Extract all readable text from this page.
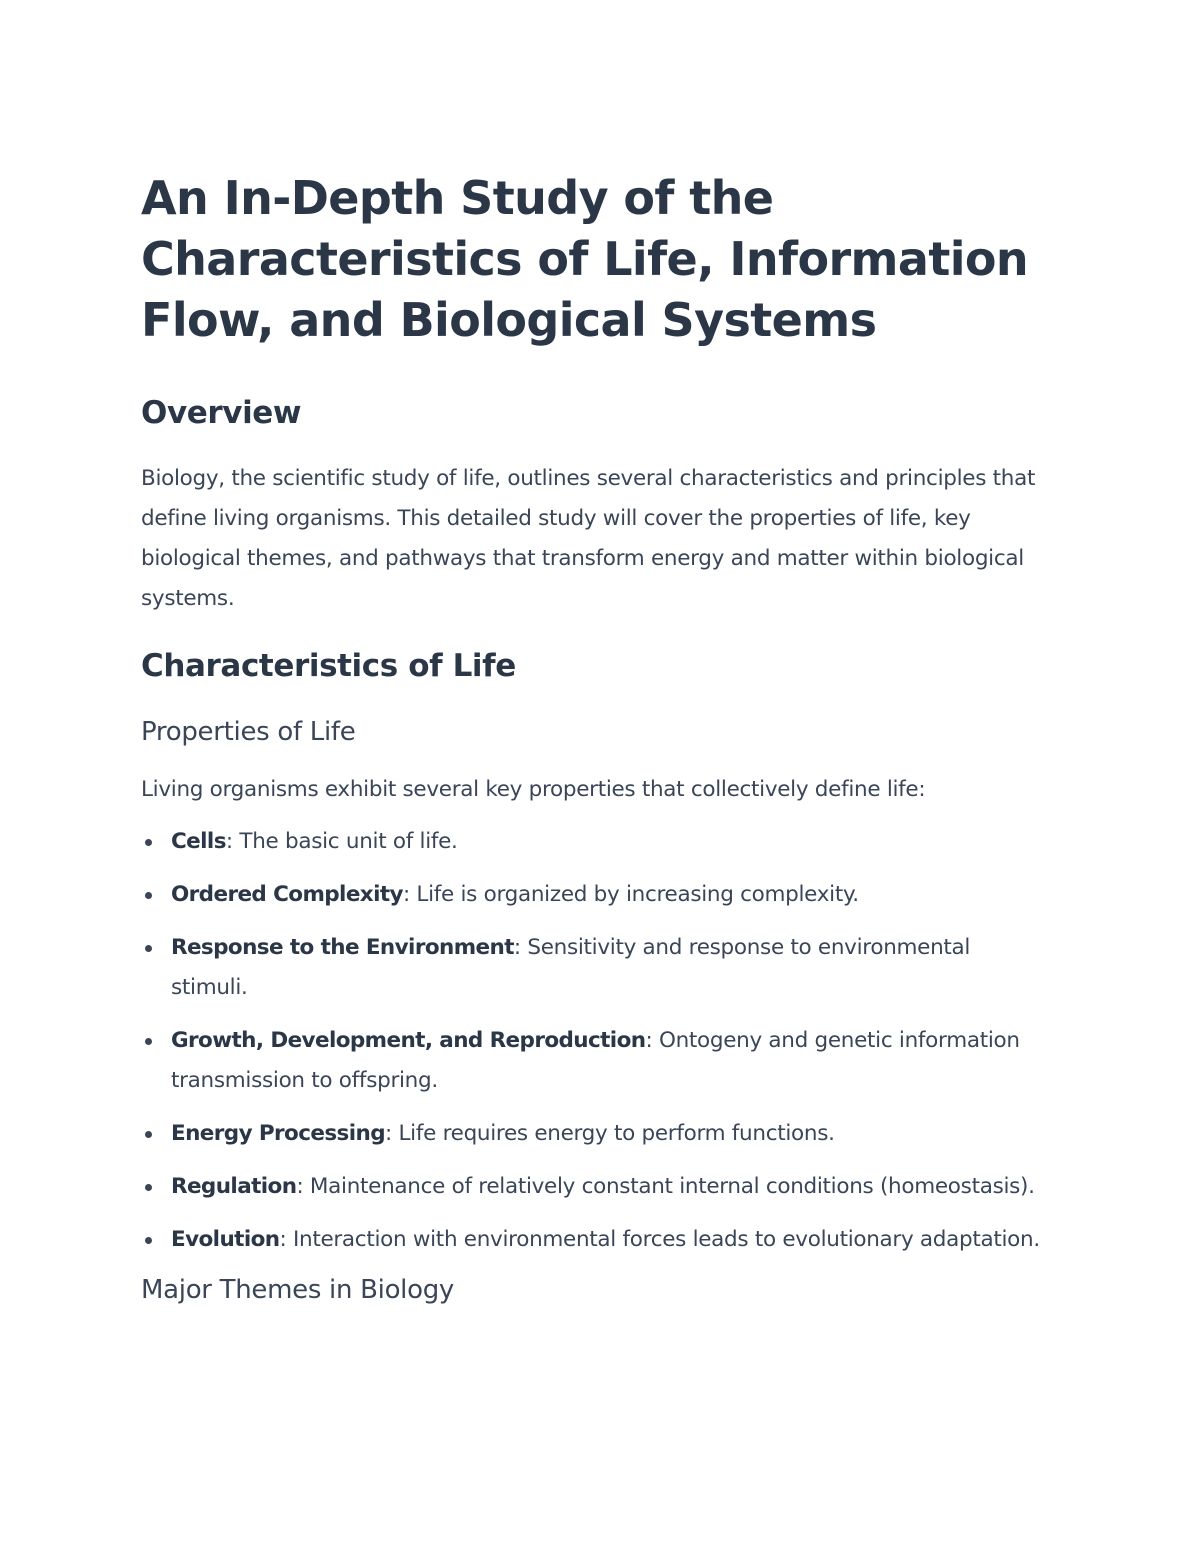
An In-Depth Study of the Characteristics of Life, Information Flow, and Biological Systems
Overview

Biology, the scientific study of life, outlines several characteristics and principles that define living organisms. This detailed study will cover the properties of life, key biological themes, and pathways that transform energy and matter within biological systems.

Characteristics of Life
Properties of Life

Living organisms exhibit several key properties that collectively define life:

Cells: The basic unit of life.
Ordered Complexity: Life is organized by increasing complexity.
Response to the Environment: Sensitivity and response to environmental stimuli.
Growth, Development, and Reproduction: Ontogeny and genetic information transmission to offspring.
Energy Processing: Life requires energy to perform functions.
Regulation: Maintenance of relatively constant internal conditions (homeostasis).
Evolution: Interaction with environmental forces leads to evolutionary adaptation.
Major Themes in Biology
